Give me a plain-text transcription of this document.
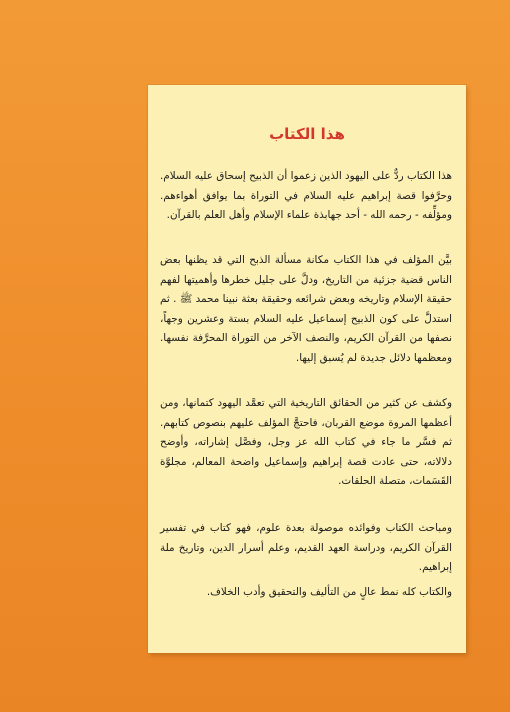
هذا الكتاب

هذا الكتاب ردٌّ على اليهود الذين زعموا أن الذبيح إسحاق عليه السلام. وحرَّفوا قصة إبراهيم عليه السلام في التوراة بما يوافق أهواءهم. ومؤلِّفه - رحمه الله - أحد جهابذة علماء الإسلام وأهل العلم بالقرآن.

بيَّن المؤلف في هذا الكتاب مكانة مسألة الذبح التي قد يظنها بعض الناس قضية جزئية من التاريخ، ودلَّ على جليل خطرها وأهميتها لفهم حقيقة الإسلام وتاريخه وبعض شرائعه وحقيقة بعثة نبينا محمد ﷺ . ثم استدلَّ على كون الذبيح إسماعيل عليه السلام بستة وعشرين وجهاً، نصفها من القرآن الكريم، والنصف الآخر من التوراة المحرَّفة نفسها. ومعظمها دلائل جديدة لم يُسبق إليها.

وكشف عن كثير من الحقائق التاريخية التي تعمَّد اليهود كتمانها، ومن أعظمها المروة موضع القربان، فاحتجَّ المؤلف عليهم بنصوص كتابهم. ثم فسَّر ما جاء في كتاب الله عز وجل، وفصَّل إشاراته، وأوضح دلالاته، حتى عادت قصة إبراهيم وإسماعيل واضحة المعالم، مجلوَّة القَسَمات، متصلة الحلقات.

ومباحث الكتاب وفوائده موصولة بعدة علوم، فهو كتاب في تفسير القرآن الكريم، ودراسة العهد القديم، وعلم أسرار الدين، وتاريخ ملة إبراهيم.

والكتاب كله نمط عالٍ من التأليف والتحقيق وأدب الخلاف.
